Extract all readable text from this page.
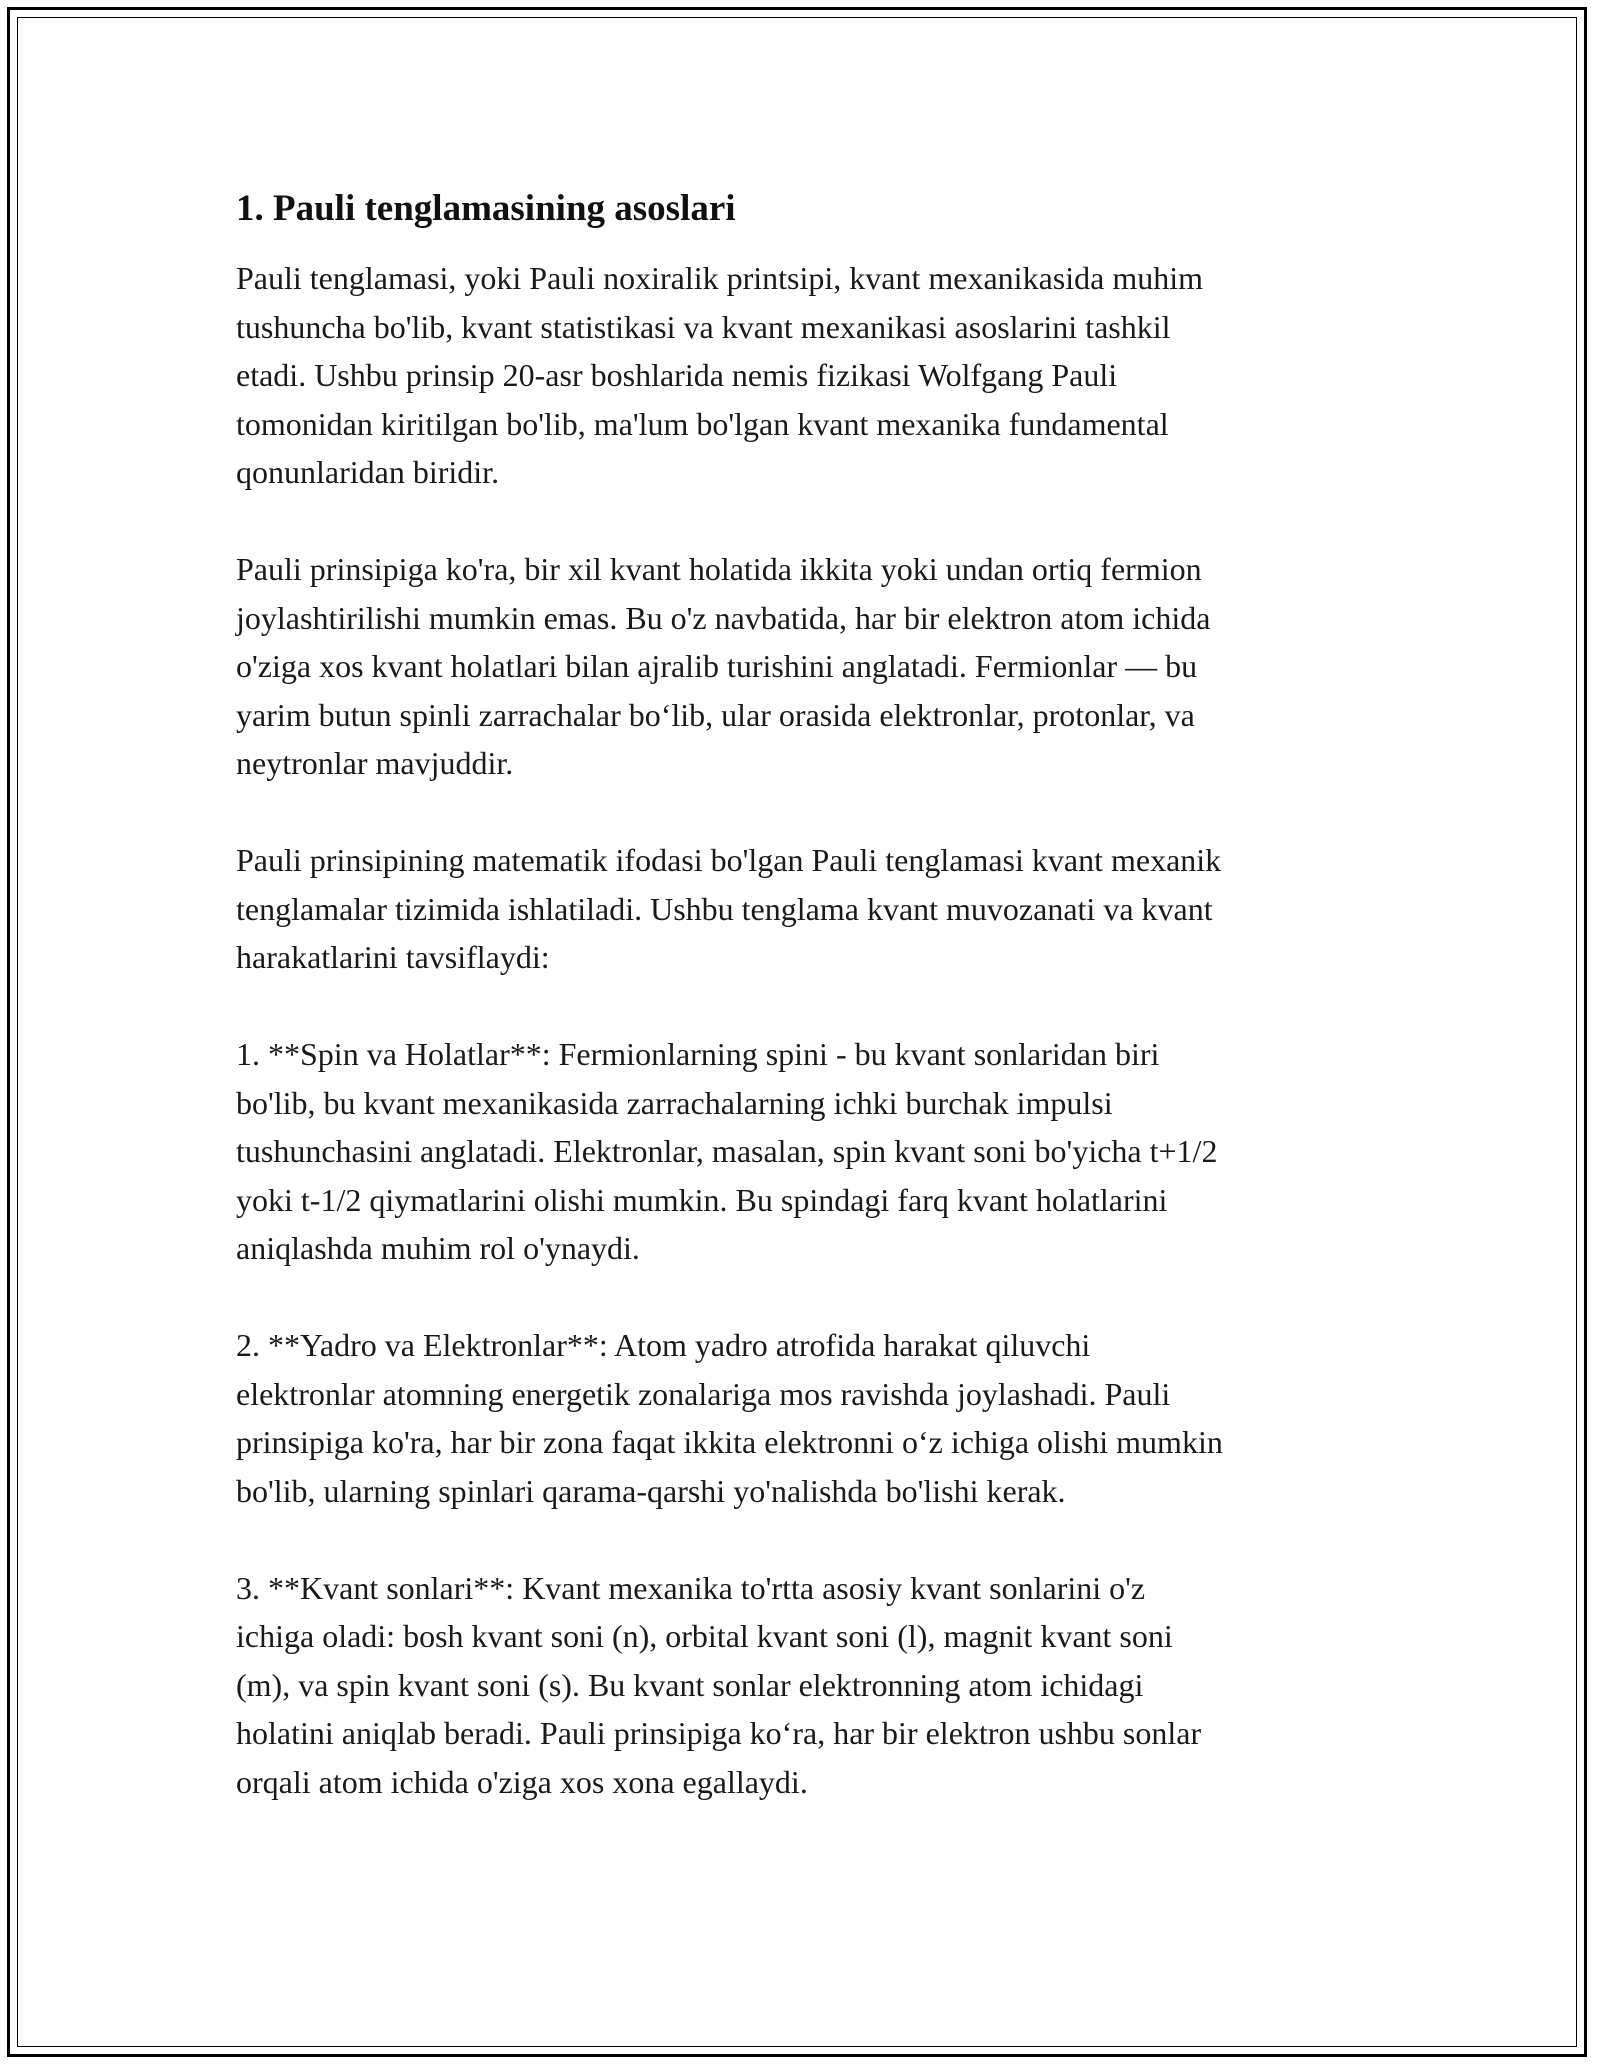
1. Pauli tenglamasining asoslari

Pauli tenglamasi, yoki Pauli noxiralik printsipi, kvant mexanikasida muhim
tushuncha bo'lib, kvant statistikasi va kvant mexanikasi asoslarini tashkil
etadi. Ushbu prinsip 20-asr boshlarida nemis fizikasi Wolfgang Pauli
tomonidan kiritilgan bo'lib, ma'lum bo'lgan kvant mexanika fundamental
qonunlaridan biridir.

Pauli prinsipiga ko'ra, bir xil kvant holatida ikkita yoki undan ortiq fermion
joylashtirilishi mumkin emas. Bu o'z navbatida, har bir elektron atom ichida
o'ziga xos kvant holatlari bilan ajralib turishini anglatadi. Fermionlar — bu
yarim butun spinli zarrachalar bo‘lib, ular orasida elektronlar, protonlar, va
neytronlar mavjuddir.

Pauli prinsipining matematik ifodasi bo'lgan Pauli tenglamasi kvant mexanik
tenglamalar tizimida ishlatiladi. Ushbu tenglama kvant muvozanati va kvant
harakatlarini tavsiflaydi:

1. **Spin va Holatlar**: Fermionlarning spini - bu kvant sonlaridan biri
bo'lib, bu kvant mexanikasida zarrachalarning ichki burchak impulsi
tushunchasini anglatadi. Elektronlar, masalan, spin kvant soni bo'yicha t+1/2
yoki t-1/2 qiymatlarini olishi mumkin. Bu spindagi farq kvant holatlarini
aniqlashda muhim rol o'ynaydi.

2. **Yadro va Elektronlar**: Atom yadro atrofida harakat qiluvchi
elektronlar atomning energetik zonalariga mos ravishda joylashadi. Pauli
prinsipiga ko'ra, har bir zona faqat ikkita elektronni o‘z ichiga olishi mumkin
bo'lib, ularning spinlari qarama-qarshi yo'nalishda bo'lishi kerak.

3. **Kvant sonlari**: Kvant mexanika to'rtta asosiy kvant sonlarini o'z
ichiga oladi: bosh kvant soni (n), orbital kvant soni (l), magnit kvant soni
(m), va spin kvant soni (s). Bu kvant sonlar elektronning atom ichidagi
holatini aniqlab beradi. Pauli prinsipiga ko‘ra, har bir elektron ushbu sonlar
orqali atom ichida o'ziga xos xona egallaydi.
